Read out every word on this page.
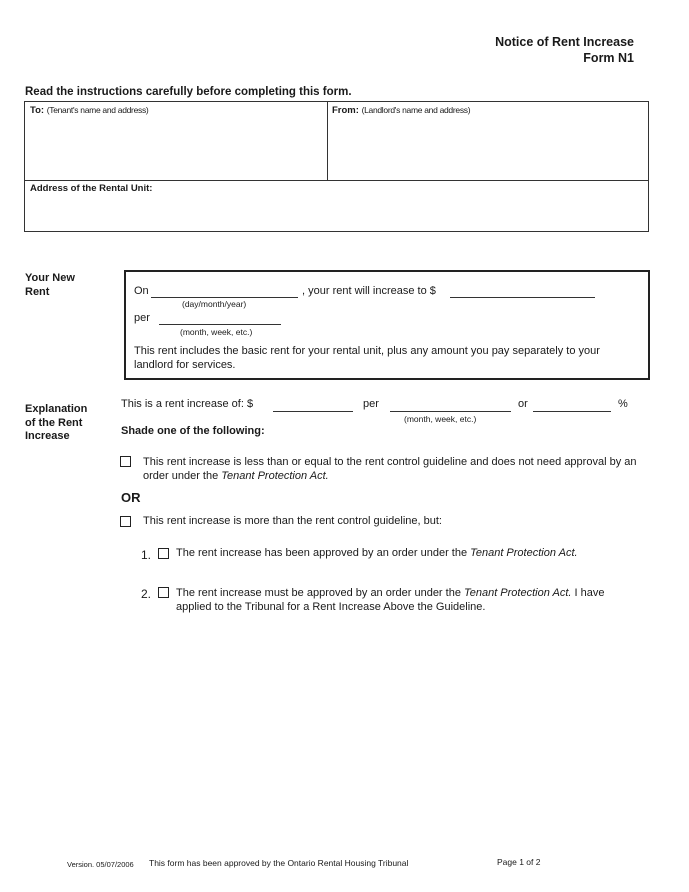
Notice of Rent Increase
Form N1
Read the instructions carefully before completing this form.
To: (Tenant's name and address)	From: (Landlord's name and address)
Address of the Rental Unit:
Your New
Rent	On	, your rent will increase to $
(day/month/year)
per
(month, week, etc.)
This rent includes the basic rent for your rental unit, plus any amount you pay separately to your
landlord for services.
Explanation
of the Rent
Increase
This is a rent increase of: $	per
(month, week, etc.)
or	%
Shade one of the following:
This rent increase is less than or equal to the rent control guideline and does not need approval by an
order under the Tenant Protection Act.
OR
This rent increase is more than the rent control guideline, but:
1. The rent increase has been approved by an order under the Tenant Protection Act.
2. The rent increase must be approved by an order under the Tenant Protection Act. I have
applied to the Tribunal for a Rent Increase Above the Guideline.
Version. 05/07/2006 This form has been approved by the Ontario Rental Housing Tribunal	Page 1 of 2
